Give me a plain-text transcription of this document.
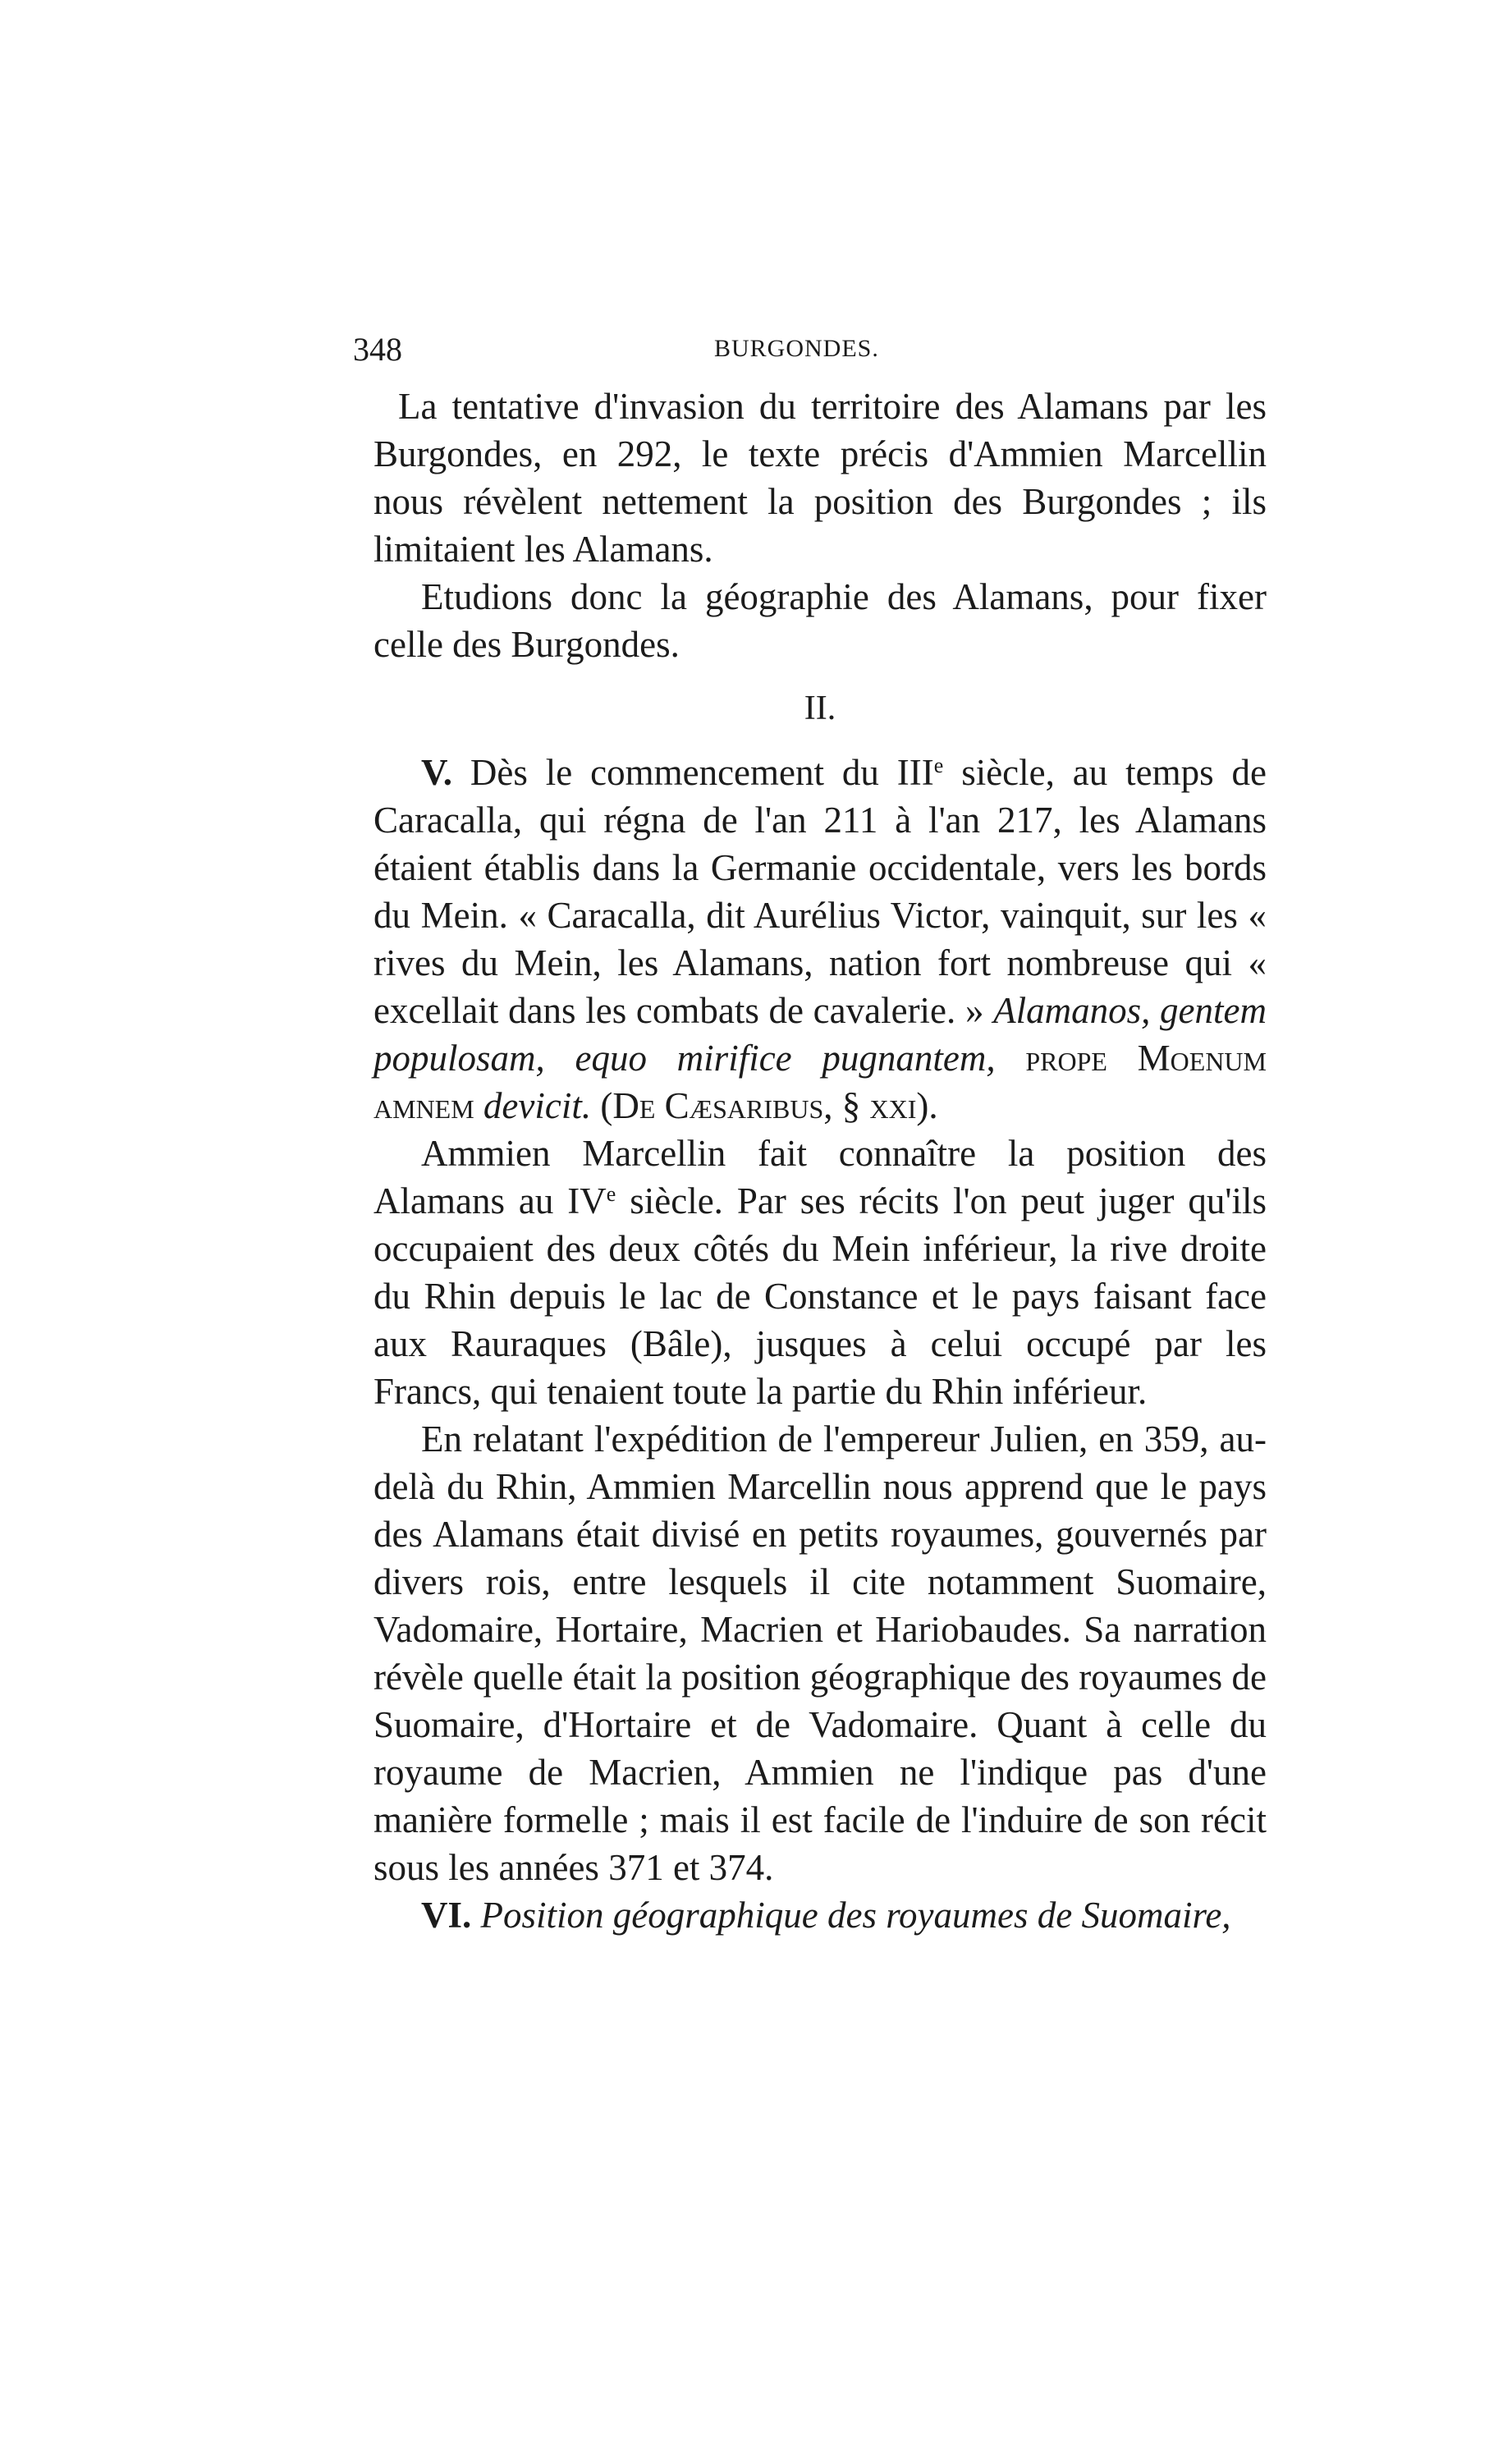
348	BURGONDES.

La tentative d'invasion du territoire des Alamans par les Burgondes, en 292, le texte précis d'Ammien Marcellin nous révèlent nettement la position des Burgondes ; ils limitaient les Alamans.

Etudions donc la géographie des Alamans, pour fixer celle des Burgondes.

II.

V. Dès le commencement du IIIe siècle, au temps de Caracalla, qui régna de l'an 211 à l'an 217, les Alamans étaient établis dans la Germanie occidentale, vers les bords du Mein. « Caracalla, dit Aurélius Victor, vainquit, sur les « rives du Mein, les Alamans, nation fort nombreuse qui « excellait dans les combats de cavalerie. » Alamanos, gentem populosam, equo mirifice pugnantem, prope Moenum amnem devicit. (De Cæsaribus, § xxi).

Ammien Marcellin fait connaître la position des Alamans au IVe siècle. Par ses récits l'on peut juger qu'ils occupaient des deux côtés du Mein inférieur, la rive droite du Rhin depuis le lac de Constance et le pays faisant face aux Rauraques (Bâle), jusques à celui occupé par les Francs, qui tenaient toute la partie du Rhin inférieur.

En relatant l'expédition de l'empereur Julien, en 359, au-delà du Rhin, Ammien Marcellin nous apprend que le pays des Alamans était divisé en petits royaumes, gouvernés par divers rois, entre lesquels il cite notamment Suomaire, Vadomaire, Hortaire, Macrien et Hariobaudes. Sa narration révèle quelle était la position géographique des royaumes de Suomaire, d'Hortaire et de Vadomaire. Quant à celle du royaume de Macrien, Ammien ne l'indique pas d'une manière formelle ; mais il est facile de l'induire de son récit sous les années 371 et 374.

VI. Position géographique des royaumes de Suomaire,
